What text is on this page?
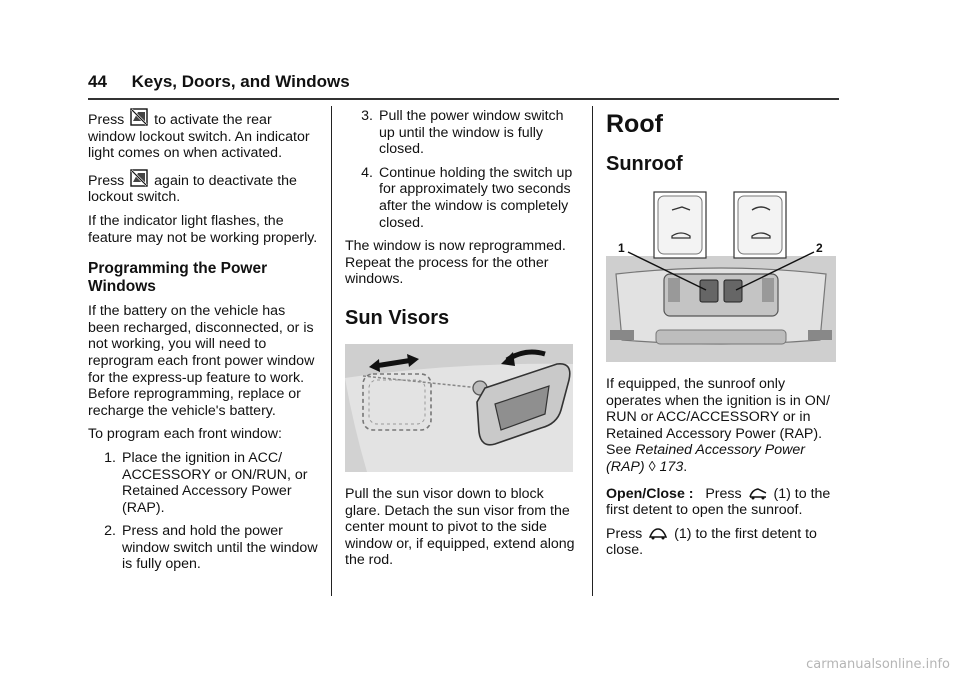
44 Keys, Doors, and Windows

Press to activate the rear window lockout switch. An indicator light comes on when activated.

Press again to deactivate the lockout switch.

If the indicator light flashes, the feature may not be working properly.

Programming the Power Windows

If the battery on the vehicle has been recharged, disconnected, or is not working, you will need to reprogram each front power window for the express-up feature to work. Before reprogramming, replace or recharge the vehicle's battery.

To program each front window:

1. Place the ignition in ACC/ ACCESSORY or ON/RUN, or Retained Accessory Power (RAP).
2. Press and hold the power window switch until the window is fully open.
3. Pull the power window switch up until the window is fully closed.
4. Continue holding the switch up for approximately two seconds after the window is completely closed.

The window is now reprogrammed. Repeat the process for the other windows.

Sun Visors

Pull the sun visor down to block glare. Detach the sun visor from the center mount to pivot to the side window or, if equipped, extend along the rod.

Roof
Sunroof
1	2

If equipped, the sunroof only operates when the ignition is in ON/ RUN or ACC/ACCESSORY or in Retained Accessory Power (RAP). See Retained Accessory Power (RAP) ◊ 173.

Open/Close : Press (1) to the first detent to open the sunroof.

Press (1) to the first detent to close.

carmanualsonline.info
